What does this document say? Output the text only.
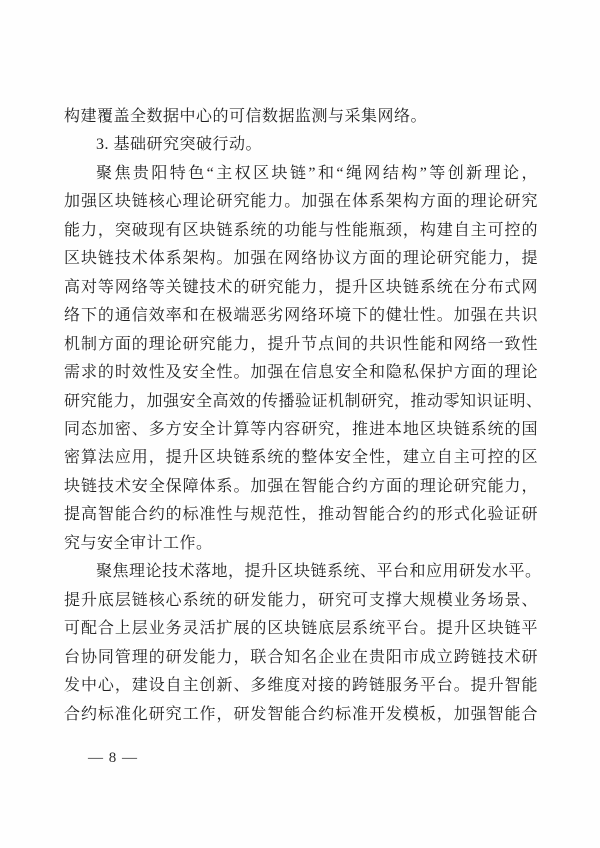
构建覆盖全数据中心的可信数据监测与采集网络。
3. 基础研究突破行动。
聚焦贵阳特色“主权区块链”和“绳网结构”等创新理论，
加强区块链核心理论研究能力。加强在体系架构方面的理论研究
能力，突破现有区块链系统的功能与性能瓶颈，构建自主可控的
区块链技术体系架构。加强在网络协议方面的理论研究能力，提
高对等网络等关键技术的研究能力，提升区块链系统在分布式网
络下的通信效率和在极端恶劣网络环境下的健壮性。加强在共识
机制方面的理论研究能力，提升节点间的共识性能和网络一致性
需求的时效性及安全性。加强在信息安全和隐私保护方面的理论
研究能力，加强安全高效的传播验证机制研究，推动零知识证明、
同态加密、多方安全计算等内容研究，推进本地区块链系统的国
密算法应用，提升区块链系统的整体安全性，建立自主可控的区
块链技术安全保障体系。加强在智能合约方面的理论研究能力，
提高智能合约的标准性与规范性，推动智能合约的形式化验证研
究与安全审计工作。
聚焦理论技术落地，提升区块链系统、平台和应用研发水平。
提升底层链核心系统的研发能力，研究可支撑大规模业务场景、
可配合上层业务灵活扩展的区块链底层系统平台。提升区块链平
台协同管理的研发能力，联合知名企业在贵阳市成立跨链技术研
发中心，建设自主创新、多维度对接的跨链服务平台。提升智能
合约标准化研究工作，研发智能合约标准开发模板，加强智能合
— 8 —
